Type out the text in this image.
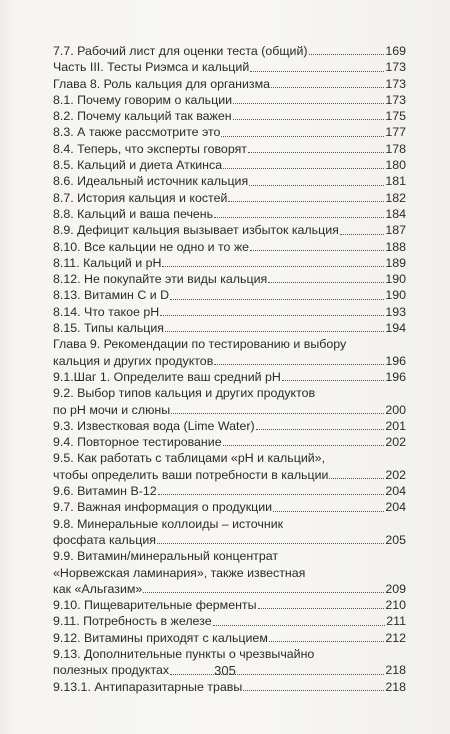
7.7. Рабочий лист для оценки теста (общий)	169
Часть III. Тесты Риэмса и кальций	173
Глава 8. Роль кальция для организма	173
8.1. Почему говорим о кальции	173
8.2. Почему кальций так важен	175
8.3. А также рассмотрите это	177
8.4. Теперь, что эксперты говорят	178
8.5. Кальций и диета Аткинса	180
8.6. Идеальный источник кальция	181
8.7. История кальция и костей	182
8.8. Кальций и ваша печень	184
8.9. Дефицит кальция вызывает избыток кальция	187
8.10. Все кальции не одно и то же	188
8.11. Кальций и pH	189
8.12. Не покупайте эти виды кальция	190
8.13. Витамин С и D	190
8.14. Что такое pH	193
8.15. Типы кальция	194
Глава 9. Рекомендации по тестированию и выбору
кальция и других продуктов	196
9.1.Шаг 1. Определите ваш средний pH	196
9.2. Выбор типов кальция и других продуктов
по pH мочи и слюны	200
9.3. Известковая вода (Lime Water)	201
9.4. Повторное тестирование	202
9.5. Как работать с таблицами «pH и кальций»,
чтобы определить ваши потребности в кальции	202
9.6. Витамин В-12	204
9.7. Важная информация о продукции	204
9.8. Минеральные коллоиды – источник
фосфата кальция	205
9.9. Витамин/минеральный концентрат
«Норвежская ламинария», также известная
как «Альгазим»	209
9.10. Пищеварительные ферменты	210
9.11. Потребность в железе	211
9.12. Витамины приходят с кальцием	212
9.13. Дополнительные пункты о чрезвычайно
полезных продуктах	218
9.13.1. Антипаразитарные травы	218
305
